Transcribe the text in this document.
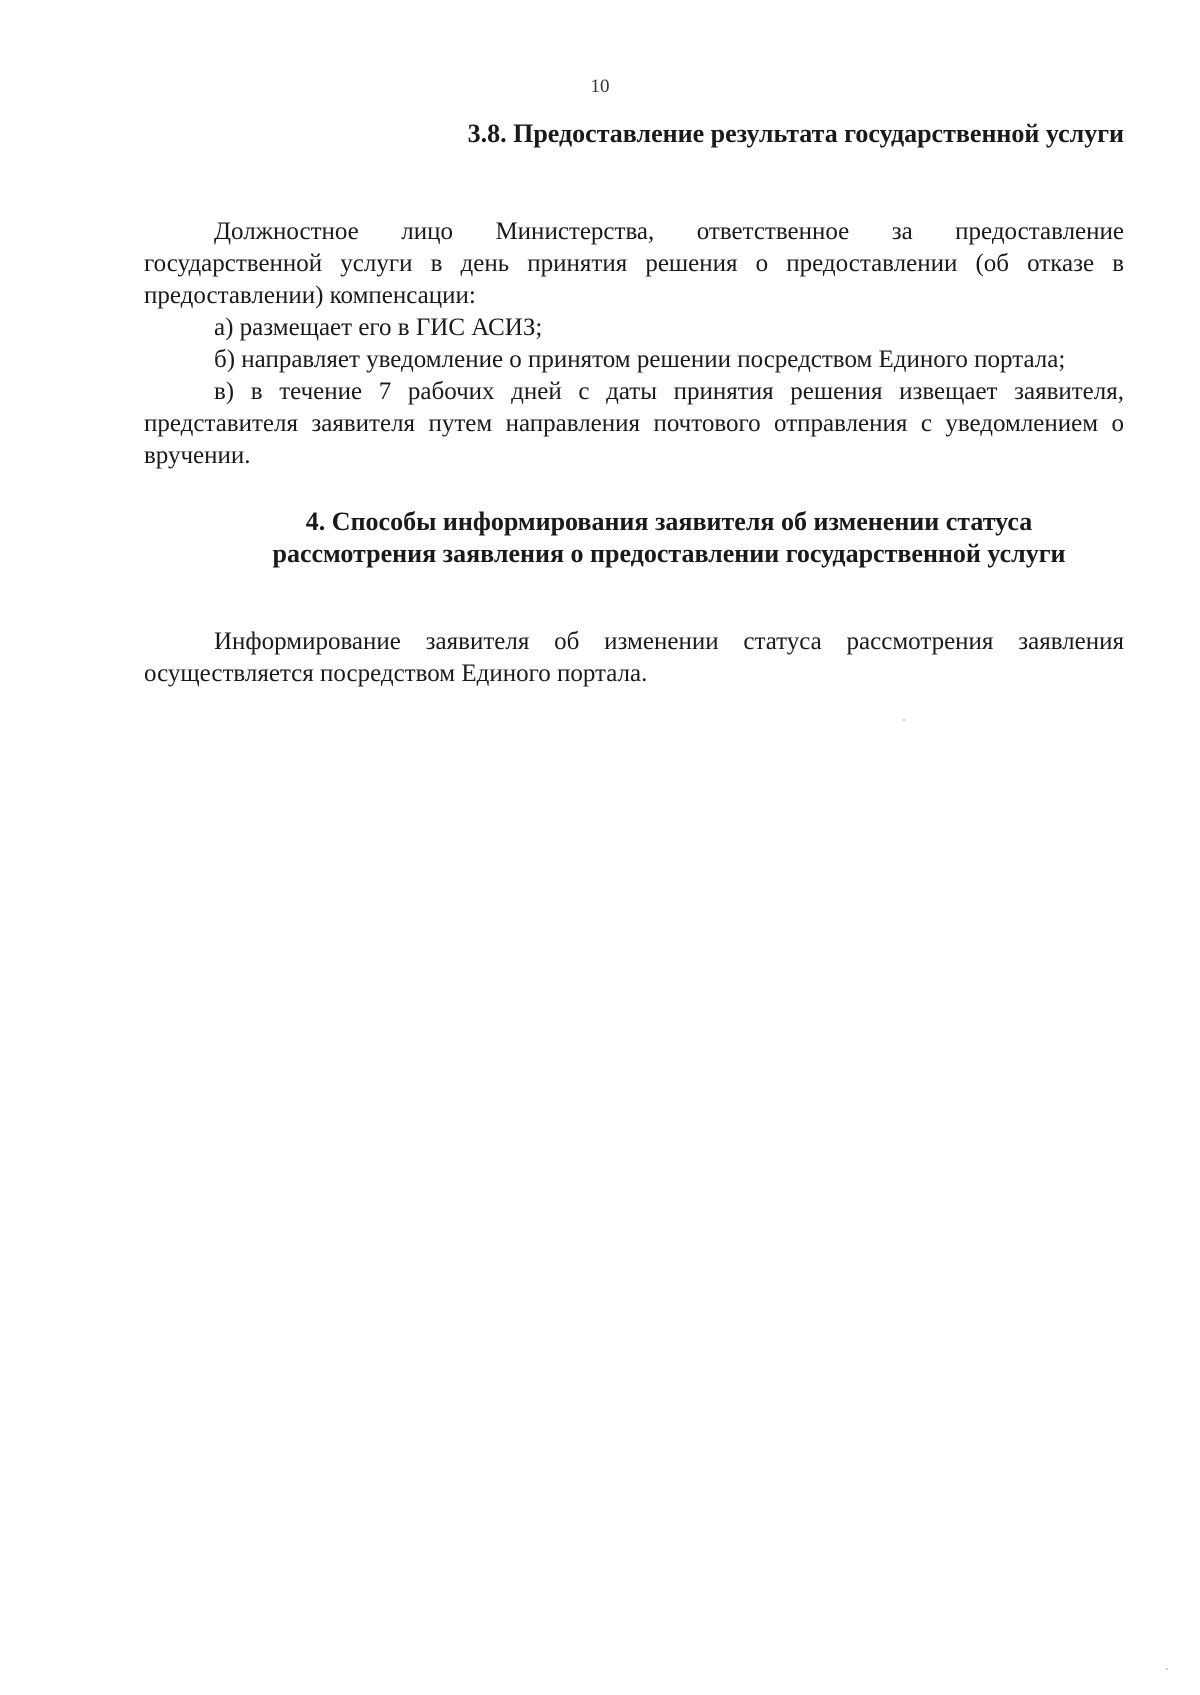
10
3.8. Предоставление результата государственной услуги

Должностное лицо Министерства, ответственное за предоставление государственной услуги в день принятия решения о предоставлении (об отказе в предоставлении) компенсации:

а) размещает его в ГИС АСИЗ;

б) направляет уведомление о принятом решении посредством Единого портала;

в) в течение 7 рабочих дней с даты принятия решения извещает заявителя, представителя заявителя путем направления почтового отправления с уведомлением о вручении.

4. Способы информирования заявителя об изменении статуса
рассмотрения заявления о предоставлении государственной услуги

Информирование заявителя об изменении статуса рассмотрения заявления осуществляется посредством Единого портала.
